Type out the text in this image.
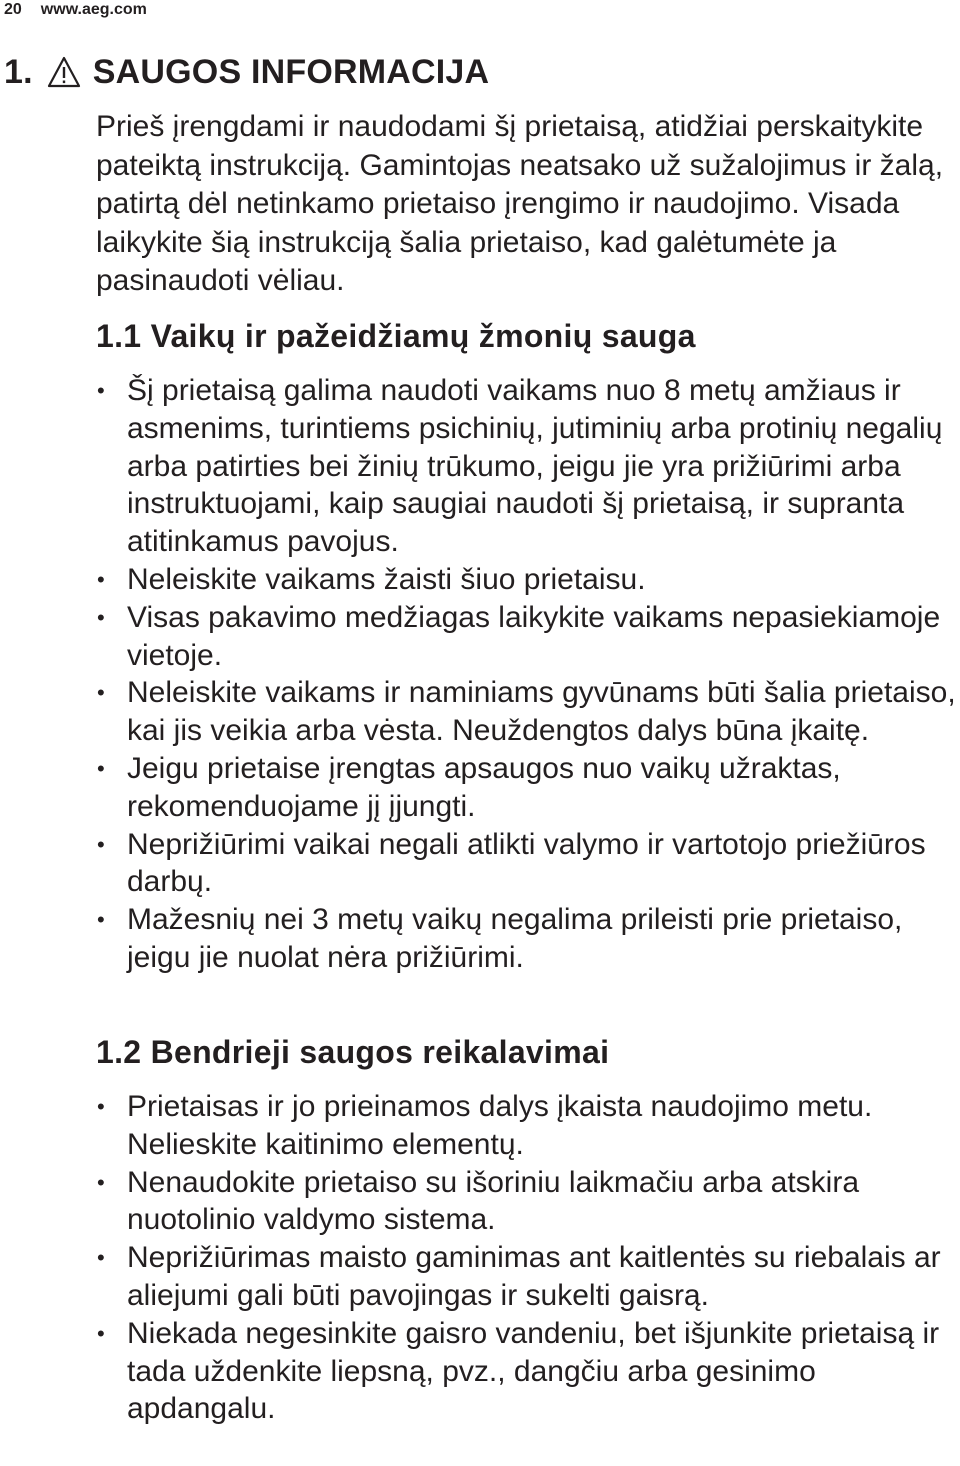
20 www.aeg.com
1. SAUGOS INFORMACIJA

Prieš įrengdami ir naudodami šį prietaisą, atidžiai perskaitykite pateiktą instrukciją. Gamintojas neatsako už sužalojimus ir žalą, patirtą dėl netinkamo prietaiso įrengimo ir naudojimo. Visada laikykite šią instrukciją šalia prietaiso, kad galėtumėte ja pasinaudoti vėliau.

1.1 Vaikų ir pažeidžiamų žmonių sauga
• Šį prietaisą galima naudoti vaikams nuo 8 metų amžiaus ir asmenims, turintiems psichinių, jutiminių arba protinių negalių arba patirties bei žinių trūkumo, jeigu jie yra prižiūrimi arba instruktuojami, kaip saugiai naudoti šį prietaisą, ir supranta atitinkamus pavojus.
• Neleiskite vaikams žaisti šiuo prietaisu.
• Visas pakavimo medžiagas laikykite vaikams nepasiekiamoje vietoje.
• Neleiskite vaikams ir naminiams gyvūnams būti šalia prietaiso, kai jis veikia arba vėsta. Neuždengtos dalys būna įkaitę.
• Jeigu prietaise įrengtas apsaugos nuo vaikų užraktas, rekomenduojame jį įjungti.
• Neprižiūrimi vaikai negali atlikti valymo ir vartotojo priežiūros darbų.
• Mažesnių nei 3 metų vaikų negalima prileisti prie prietaiso, jeigu jie nuolat nėra prižiūrimi.
1.2 Bendrieji saugos reikalavimai
• Prietaisas ir jo prieinamos dalys įkaista naudojimo metu. Nelieskite kaitinimo elementų.
• Nenaudokite prietaiso su išoriniu laikmačiu arba atskira nuotolinio valdymo sistema.
• Neprižiūrimas maisto gaminimas ant kaitlentės su riebalais ar aliejumi gali būti pavojingas ir sukelti gaisrą.
• Niekada negesinkite gaisro vandeniu, bet išjunkite prietaisą ir tada uždenkite liepsną, pvz., dangčiu arba gesinimo apdangalu.
